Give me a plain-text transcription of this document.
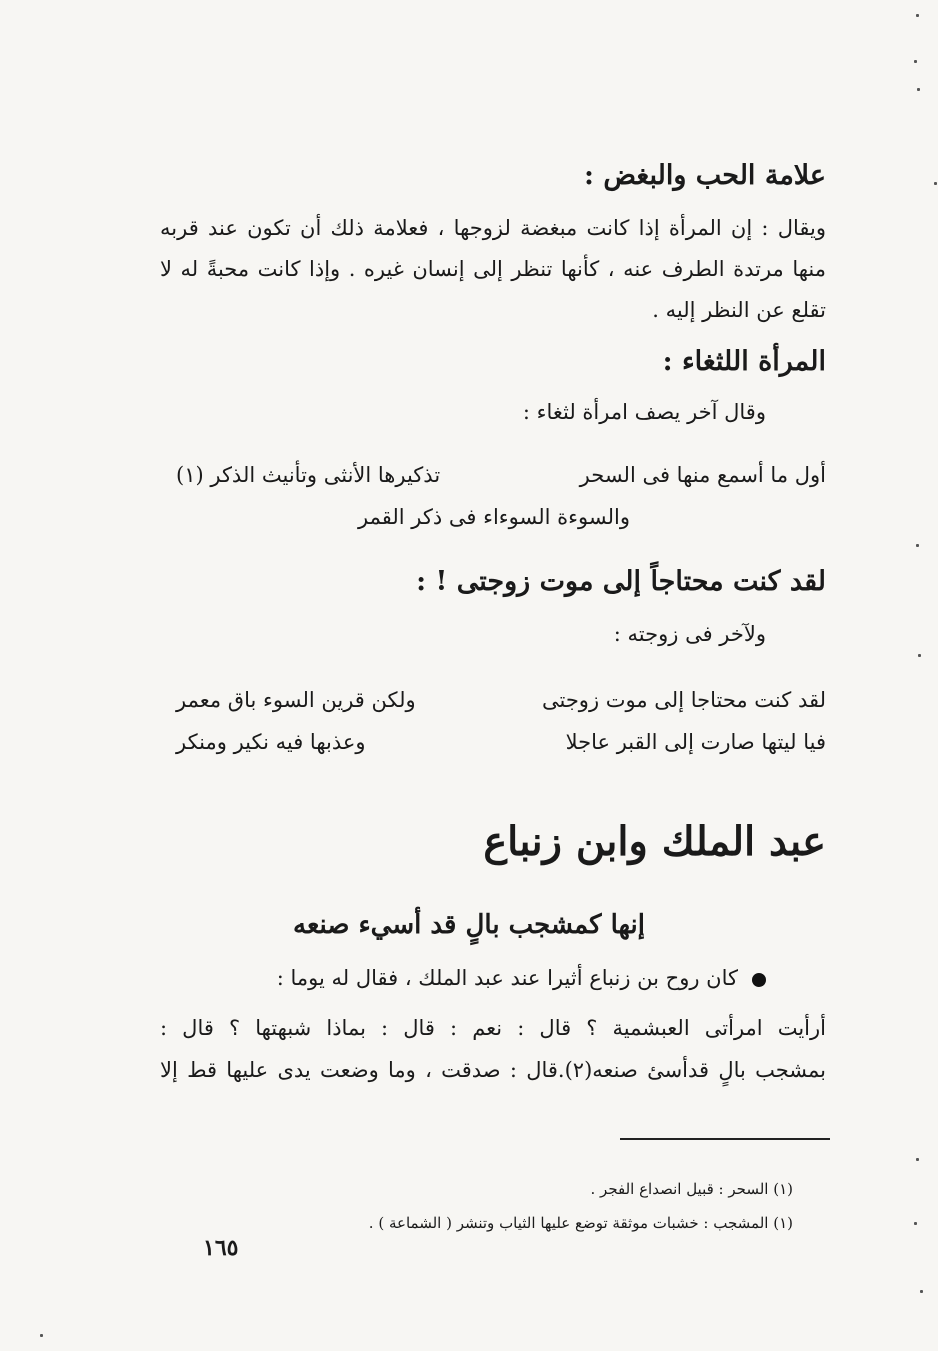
علامة الحب والبغض :
ويقال : إن المرأة إذا كانت مبغضة لزوجها ، فعلامة ذلك أن تكون عند قربه منها مرتدة الطرف عنه ، كأنها تنظر إلى إنسان غيره . وإذا كانت محبةً له لا تقلع عن النظر إليه .
المرأة اللثغاء :
وقال آخر يصف امرأة لثغاء :
أول ما أسمع منها فى السحر
تذكيرها الأنثى وتأنيث الذكر (١)
والسوءة السوءاء فى ذكر القمر
لقد كنت محتاجاً إلى موت زوجتى ! :
ولآخر فى زوجته :
لقد كنت محتاجا إلى موت زوجتى
ولكن قرين السوء باق معمر
فيا ليتها صارت إلى القبر عاجلا
وعذبها فيه نكير ومنكر
عبد الملك وابن زنباع
إنها كمشجب بالٍ قد أسيء صنعه
كان روح بن زنباع أثيرا عند عبد الملك ، فقال له يوما :
أرأيت امرأتى العبشمية ؟ قال : نعم : قال : بماذا شبهتها ؟ قال :
بمشجب بالٍ قدأسئ صنعه(٢).قال : صدقت ، وما وضعت يدى عليها قط إلا
(١) السحر : قبيل انصداع الفجر .
(١) المشجب : خشبات موثقة توضع عليها الثياب وتنشر ( الشماعة ) .
١٦٥
